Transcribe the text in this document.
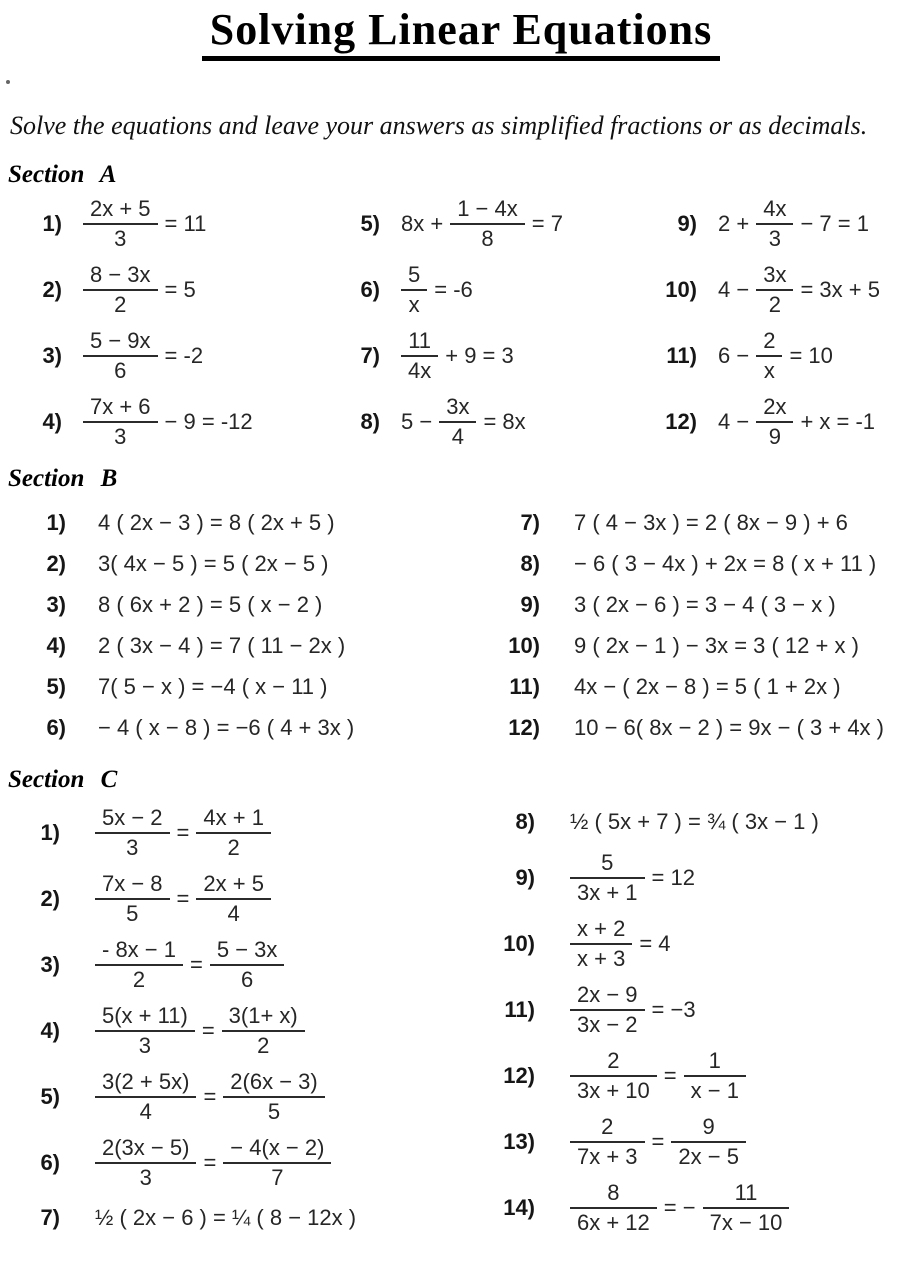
Solving Linear Equations

Solve the equations and leave your answers as simplified fractions or as decimals.

Section A
$1) \frac{2x + 5}{3} = 11$
$2) \frac{8 - 3x}{2} = 5$
$3) \frac{5 - 9x}{6} = -2$
$4) \frac{7x + 6}{3} - 9 = -12$
5) $8x + \frac{1 - 4x}{8} = 7$
$6) \frac{5}{x} = -6$
$7) \frac{11}{4x} + 9 = 3$
8) $5 - \frac{3x}{4} = 8x$
9) $2 + \frac{4x}{3} - 7 = 1$
10) $4 - \frac{3x}{2} = 3x + 5$
11) $6 - \frac{2}{x} = 10$
12) $4 - \frac{2x}{9} + x = -1$
Section B
1) 4 ( 2x − 3 ) = 8 ( 2x + 5 )
2) 3( 4x − 5 ) = 5 ( 2x − 5 )
3) 8 ( 6x + 2 ) = 5 ( x − 2 )
4) 2 ( 3x − 4 ) = 7 ( 11 − 2x )
5) 7( 5 − x ) = −4 ( x − 11 )
6) − 4 ( x − 8 ) = −6 ( 4 + 3x )
7) 7 ( 4 − 3x ) = 2 ( 8x − 9 ) + 6
8) − 6 ( 3 − 4x ) + 2x = 8 ( x + 11 )
9) 3 ( 2x − 6 ) = 3 − 4 ( 3 − x )
10) 9 ( 2x − 1 ) − 3x = 3 ( 12 + x )
11) 4x − ( 2x − 8 ) = 5 ( 1 + 2x )
12) 10 − 6( 8x − 2 ) = 9x − ( 3 + 4x )
Section C
$1) \frac{5x - 2}{3} = \frac{4x + 1}{2}$
$2) \frac{7x - 8}{5} = \frac{2x + 5}{4}$
$3) \frac{- 8x - 1}{2} = \frac{5 - 3x}{6}$
$4) \frac{5(x + 11)}{3} = \frac{3(1+ x)}{2}$
$5) \frac{3(2 + 5x)}{4} = \frac{2(6x - 3)}{5}$
$6) \frac{2(3x - 5)}{3} = \frac{- 4(x - 2)}{7}$
7) ½ ( 2x − 6 ) = ¼ ( 8 − 12x )
8) ½ ( 5x + 7 ) = ¾ ( 3x − 1 )
$9) \frac{5}{3x + 1} = 12$
$10) \frac{x + 2}{x + 3} = 4$
$11) \frac{2x - 9}{3x - 2} = -3$
$12) \frac{2}{3x + 10} = \frac{1}{x - 1}$
$13) \frac{2}{7x + 3} = \frac{9}{2x - 5}$
$14) \frac{8}{6x + 12}$ = − $\frac{11}{7x - 10}$
